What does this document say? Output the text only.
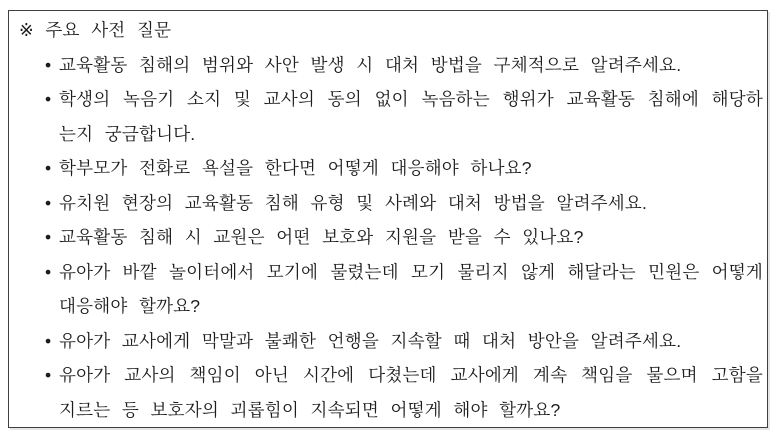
※ 주요 사전 질문
• 교육활동 침해의 범위와 사안 발생 시 대처 방법을 구체적으로 알려주세요.
• 학생의 녹음기 소지 및 교사의 동의 없이 녹음하는 행위가 교육활동 침해에 해당하는지 궁금합니다.
• 학부모가 전화로 욕설을 한다면 어떻게 대응해야 하나요?
• 유치원 현장의 교육활동 침해 유형 및 사례와 대처 방법을 알려주세요.
• 교육활동 침해 시 교원은 어떤 보호와 지원을 받을 수 있나요?
• 유아가 바깥 놀이터에서 모기에 물렸는데 모기 물리지 않게 해달라는 민원은 어떻게 대응해야 할까요?
• 유아가 교사에게 막말과 불쾌한 언행을 지속할 때 대처 방안을 알려주세요.
• 유아가 교사의 책임이 아닌 시간에 다쳤는데 교사에게 계속 책임을 물으며 고함을 지르는 등 보호자의 괴롭힘이 지속되면 어떻게 해야 할까요?
